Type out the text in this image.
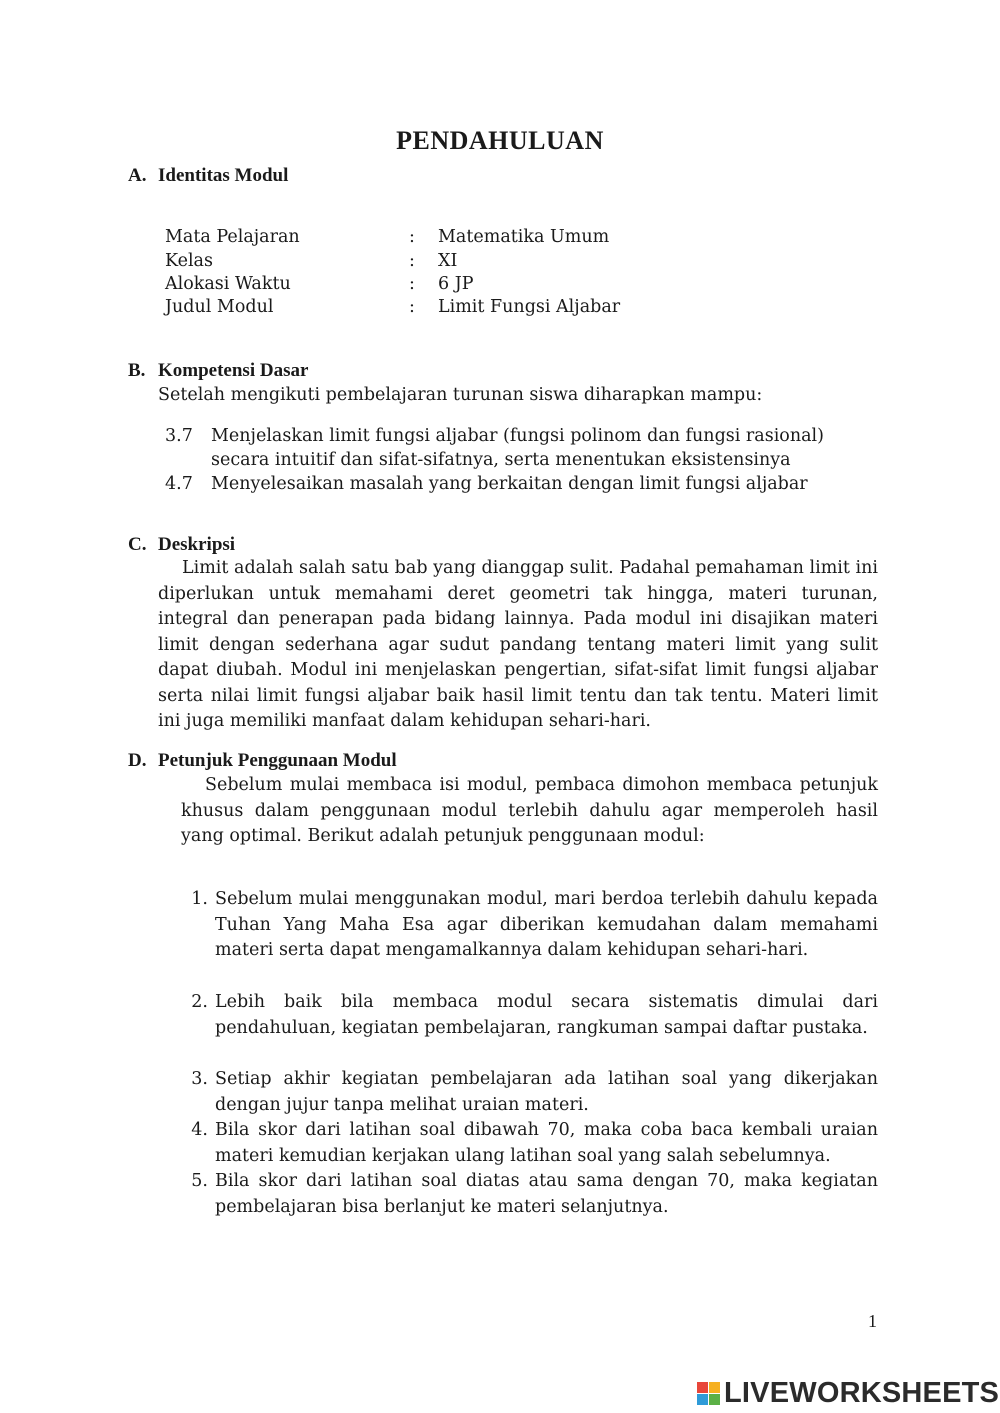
PENDAHULUAN
A. Identitas Modul
Mata Pelajaran	: Matematika Umum
Kelas	: XI
Alokasi Waktu	: 6 JP
Judul Modul	: Limit Fungsi Aljabar
B. Kompetensi Dasar
Setelah mengikuti pembelajaran turunan siswa diharapkan mampu:
3.7 Menjelaskan limit fungsi aljabar (fungsi polinom dan fungsi rasional) secara intuitif dan sifat-sifatnya, serta menentukan eksistensinya
4.7 Menyelesaikan masalah yang berkaitan dengan limit fungsi aljabar
C. Deskripsi
Limit adalah salah satu bab yang dianggap sulit. Padahal pemahaman limit ini diperlukan untuk memahami deret geometri tak hingga, materi turunan, integral dan penerapan pada bidang lainnya. Pada modul ini disajikan materi limit dengan sederhana agar sudut pandang tentang materi limit yang sulit dapat diubah. Modul ini menjelaskan pengertian, sifat-sifat limit fungsi aljabar serta nilai limit fungsi aljabar baik hasil limit tentu dan tak tentu. Materi limit ini juga memiliki manfaat dalam kehidupan sehari-hari.
D. Petunjuk Penggunaan Modul
Sebelum mulai membaca isi modul, pembaca dimohon membaca petunjuk khusus dalam penggunaan modul terlebih dahulu agar memperoleh hasil yang optimal. Berikut adalah petunjuk penggunaan modul:
1. Sebelum mulai menggunakan modul, mari berdoa terlebih dahulu kepada Tuhan Yang Maha Esa agar diberikan kemudahan dalam memahami materi serta dapat mengamalkannya dalam kehidupan sehari-hari.
2. Lebih baik bila membaca modul secara sistematis dimulai dari pendahuluan, kegiatan pembelajaran, rangkuman sampai daftar pustaka.
3. Setiap akhir kegiatan pembelajaran ada latihan soal yang dikerjakan dengan jujur tanpa melihat uraian materi.
4. Bila skor dari latihan soal dibawah 70, maka coba baca kembali uraian materi kemudian kerjakan ulang latihan soal yang salah sebelumnya.
5. Bila skor dari latihan soal diatas atau sama dengan 70, maka kegiatan pembelajaran bisa berlanjut ke materi selanjutnya.
1
LIVEWORKSHEETS
